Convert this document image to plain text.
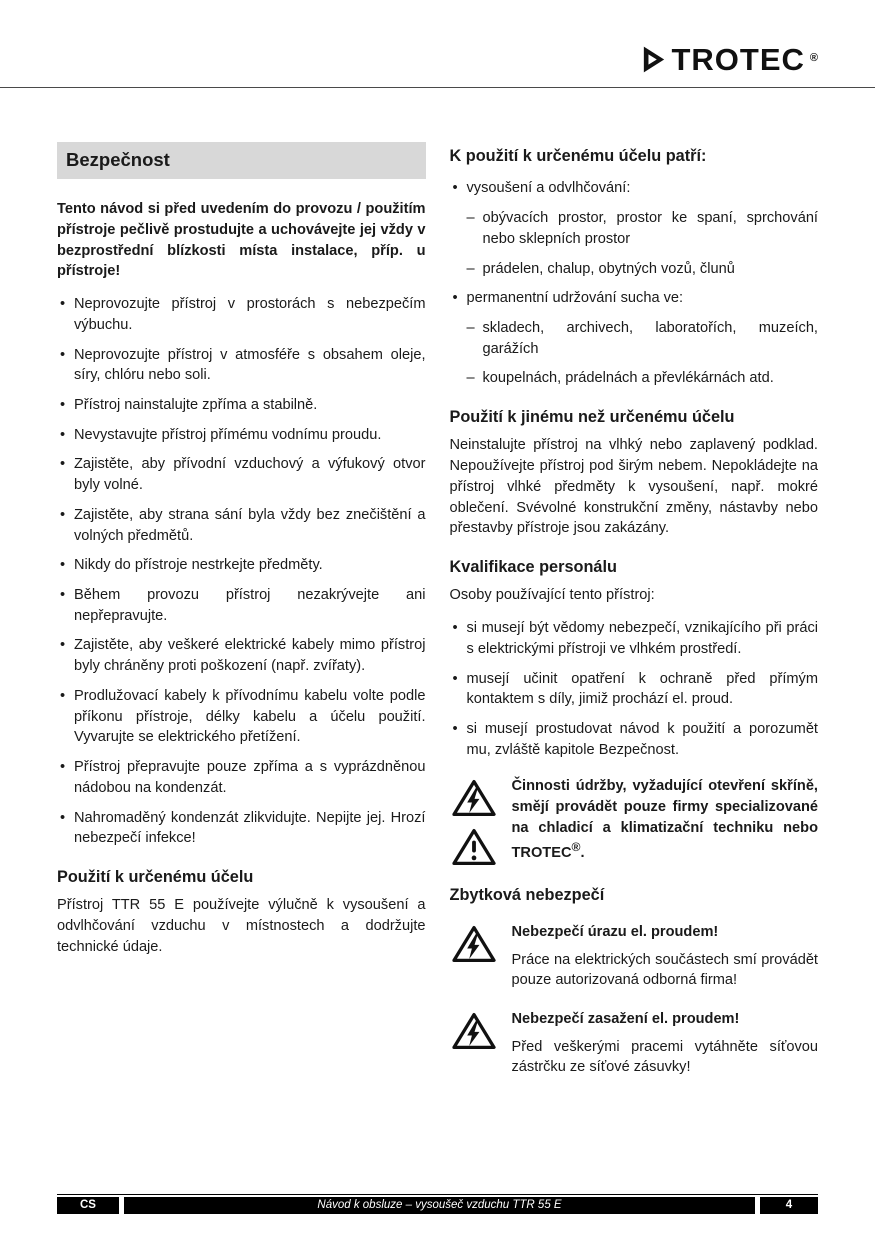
TROTEC ®
Bezpečnost

Tento návod si před uvedením do provozu / použitím přístroje pečlivě prostudujte a uchovávejte jej vždy v bezprostřední blízkosti místa instalace, příp. u přístroje!

• Neprovozujte přístroj v prostorách s nebezpečím výbuchu.
• Neprovozujte přístroj v atmosféře s obsahem oleje, síry, chlóru nebo soli.
• Přístroj nainstalujte zpříma a stabilně.
• Nevystavujte přístroj přímému vodnímu proudu.
• Zajistěte, aby přívodní vzduchový a výfukový otvor byly volné.
• Zajistěte, aby strana sání byla vždy bez znečištění a volných předmětů.
• Nikdy do přístroje nestrkejte předměty.
• Během provozu přístroj nezakrývejte ani nepřepravujte.
• Zajistěte, aby veškeré elektrické kabely mimo přístroj byly chráněny proti poškození (např. zvířaty).
• Prodlužovací kabely k přívodnímu kabelu volte podle příkonu přístroje, délky kabelu a účelu použití. Vyvarujte se elektrického přetížení.
• Přístroj přepravujte pouze zpříma a s vyprázdněnou nádobou na kondenzát.
• Nahromaděný kondenzát zlikvidujte. Nepijte jej. Hrozí nebezpečí infekce!
Použití k určenému účelu

Přístroj TTR 55 E používejte výlučně k vysoušení a odvlhčování vzduchu v místnostech a dodržujte technické údaje.

K použití k určenému účelu patří:
• vysoušení a odvlhčování:
– obývacích prostor, prostor ke spaní, sprchování nebo sklepních prostor
– prádelen, chalup, obytných vozů, člunů
• permanentní udržování sucha ve:
– skladech, archivech, laboratořích, muzeích, garážích
– koupelnách, prádelnách a převlékárnách atd.
Použití k jinému než určenému účelu

Neinstalujte přístroj na vlhký nebo zaplavený podklad. Nepoužívejte přístroj pod širým nebem. Nepokládejte na přístroj vlhké předměty k vysoušení, např. mokré oblečení. Svévolné konstrukční změny, nástavby nebo přestavby přístroje jsou zakázány.

Kvalifikace personálu

Osoby používající tento přístroj:

• si musejí být vědomy nebezpečí, vznikajícího při práci s elektrickými přístroji ve vlhkém prostředí.
• musejí učinit opatření k ochraně před přímým kontaktem s díly, jimiž prochází el. proud.
• si musejí prostudovat návod k použití a porozumět mu, zvláště kapitole Bezpečnost.
Činnosti údržby, vyžadující otevření skříně, smějí provádět pouze firmy specializované na chladicí a klimatizační techniku nebo TROTEC®.
Zbytková nebezpečí
Nebezpečí úrazu el. proudem!
Práce na elektrických součástech smí provádět pouze autorizovaná odborná firma!
Nebezpečí zasažení el. proudem!
Před veškerými pracemi vytáhněte síťovou zástrčku ze síťové zásuvky!
CS	Návod k obsluze – vysoušeč vzduchu TTR 55 E	4
